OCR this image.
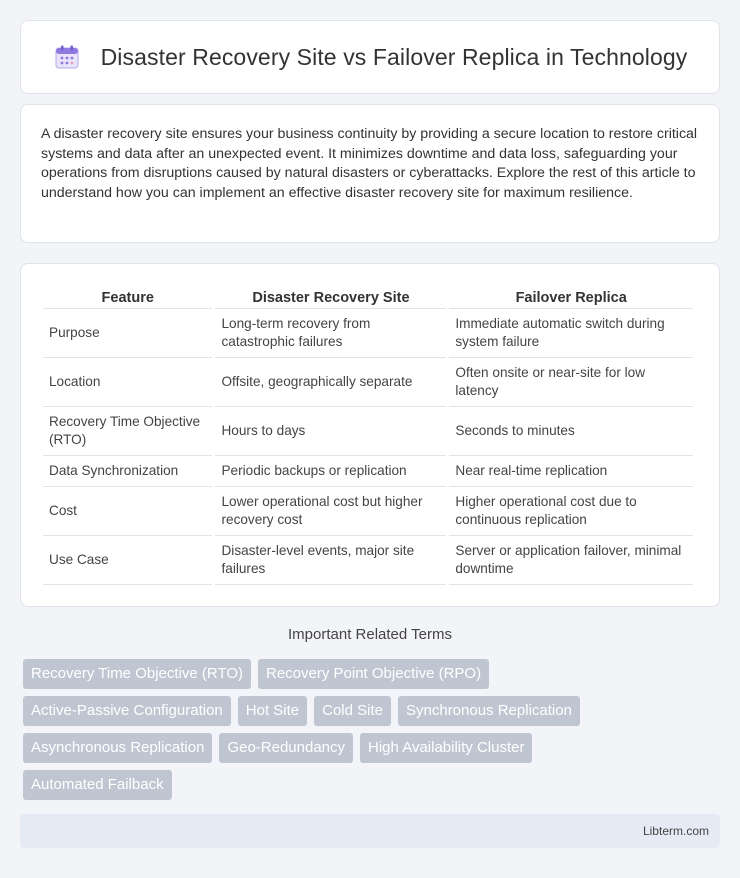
Disaster Recovery Site vs Failover Replica in Technology

A disaster recovery site ensures your business continuity by providing a secure location to restore critical systems and data after an unexpected event. It minimizes downtime and data loss, safeguarding your operations from disruptions caused by natural disasters or cyberattacks. Explore the rest of this article to understand how you can implement an effective disaster recovery site for maximum resilience.

Feature	Disaster Recovery Site	Failover Replica
Purpose	Long-term recovery from catastrophic failures	Immediate automatic switch during system failure
Location	Offsite, geographically separate	Often onsite or near-site for low latency
Recovery Time Objective (RTO)	Hours to days	Seconds to minutes
Data Synchronization	Periodic backups or replication	Near real-time replication
Cost	Lower operational cost but higher recovery cost	Higher operational cost due to continuous replication
Use Case	Disaster-level events, major site failures	Server or application failover, minimal downtime
Important Related Terms
Recovery Time Objective (RTO)	Recovery Point Objective (RPO)
Active-Passive Configuration	Hot Site	Cold Site	Synchronous Replication
Asynchronous Replication	Geo-Redundancy	High Availability Cluster
Automated Failback
Libterm.com
